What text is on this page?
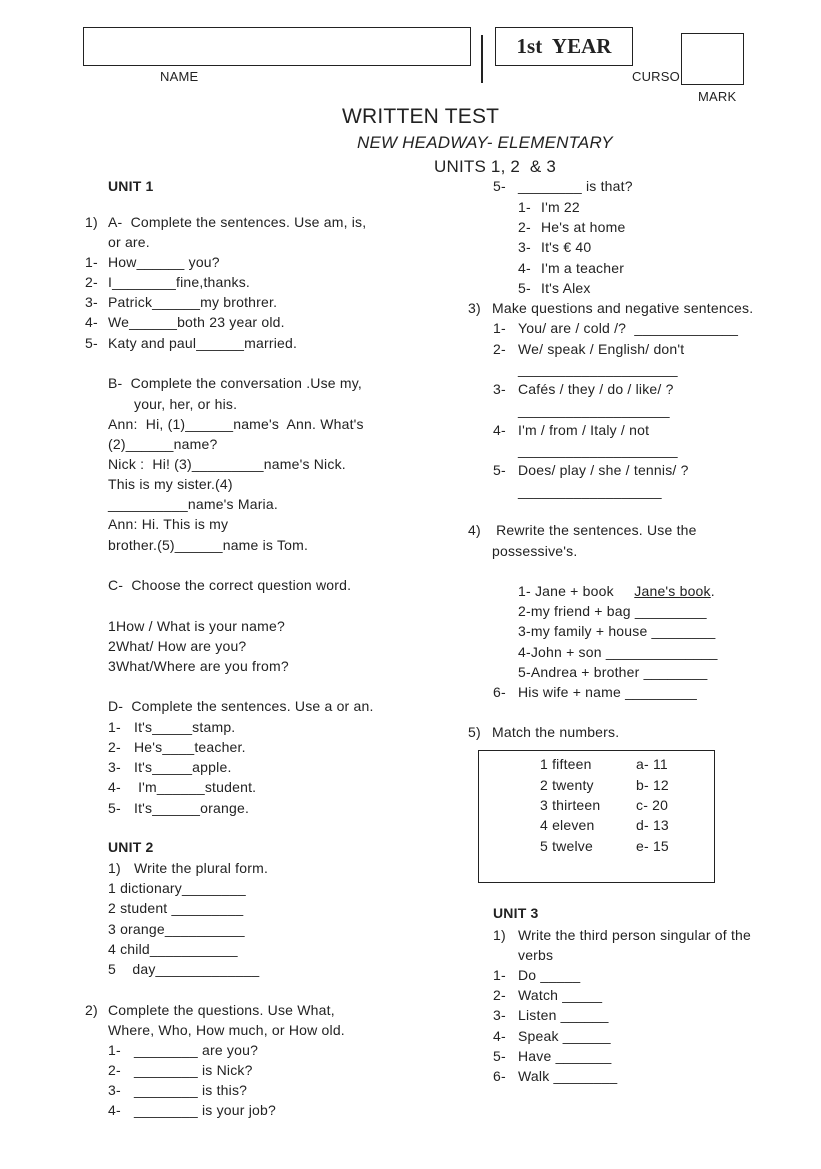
1st  YEAR
NAME	CURSO
MARK
WRITTEN TEST
NEW HEADWAY- ELEMENTARY
UNITS 1, 2  & 3
UNIT 1
1) A-  Complete the sentences. Use am, is,
or are.
1- How______ you?
2- I________fine,thanks.
3- Patrick______my brothrer.
4- We______both 23 year old.
5- Katy and paul______married.
B-  Complete the conversation .Use my,
your, her, or his.
Ann:  Hi, (1)______name's  Ann. What's
(2)______name?
Nick :  Hi! (3)_________name's Nick.
This is my sister.(4)
__________name's Maria.
Ann: Hi. This is my
brother.(5)______name is Tom.
C-  Choose the correct question word.
1How / What is your name?
2What/ How are you?
3What/Where are you from?
D-  Complete the sentences. Use a or an.
1- It's_____stamp.
2- He's____teacher.
3- It's_____apple.
4- I'm______student.
5- It's______orange.
UNIT 2
1) Write the plural form.
1 dictionary________
2 student _________
3 orange__________
4 child___________
5    day_____________
2) Complete the questions. Use What,
Where, Who, How much, or How old.
1- ________ are you?
2- ________ is Nick?
3- ________ is this?
4- ________ is your job?
5- ________ is that?
1- I'm 22
2- He's at home
3- It's € 40
4- I'm a teacher
5- It's Alex
3) Make questions and negative sentences.
1- You/ are / cold /?  _____________
2- We/ speak / English/ don't
____________________
3- Cafés / they / do / like/ ?
___________________
4- I'm / from / Italy / not
____________________
5- Does/ play / she / tennis/ ?
__________________
4) Rewrite the sentences. Use the
possessive's.
1- Jane + book     Jane's book.
2-my friend + bag _________
3-my family + house ________
4-John + son ______________
5-Andrea + brother ________
6- His wife + name _________
5) Match the numbers.
1 fifteen
2 twenty
3 thirteen
4 eleven
5 twelve
a- 11
b- 12
c- 20
d- 13
e- 15
UNIT 3
1) Write the third person singular of the
verbs
1- Do _____
2- Watch _____
3- Listen ______
4- Speak ______
5- Have _______
6- Walk ________
